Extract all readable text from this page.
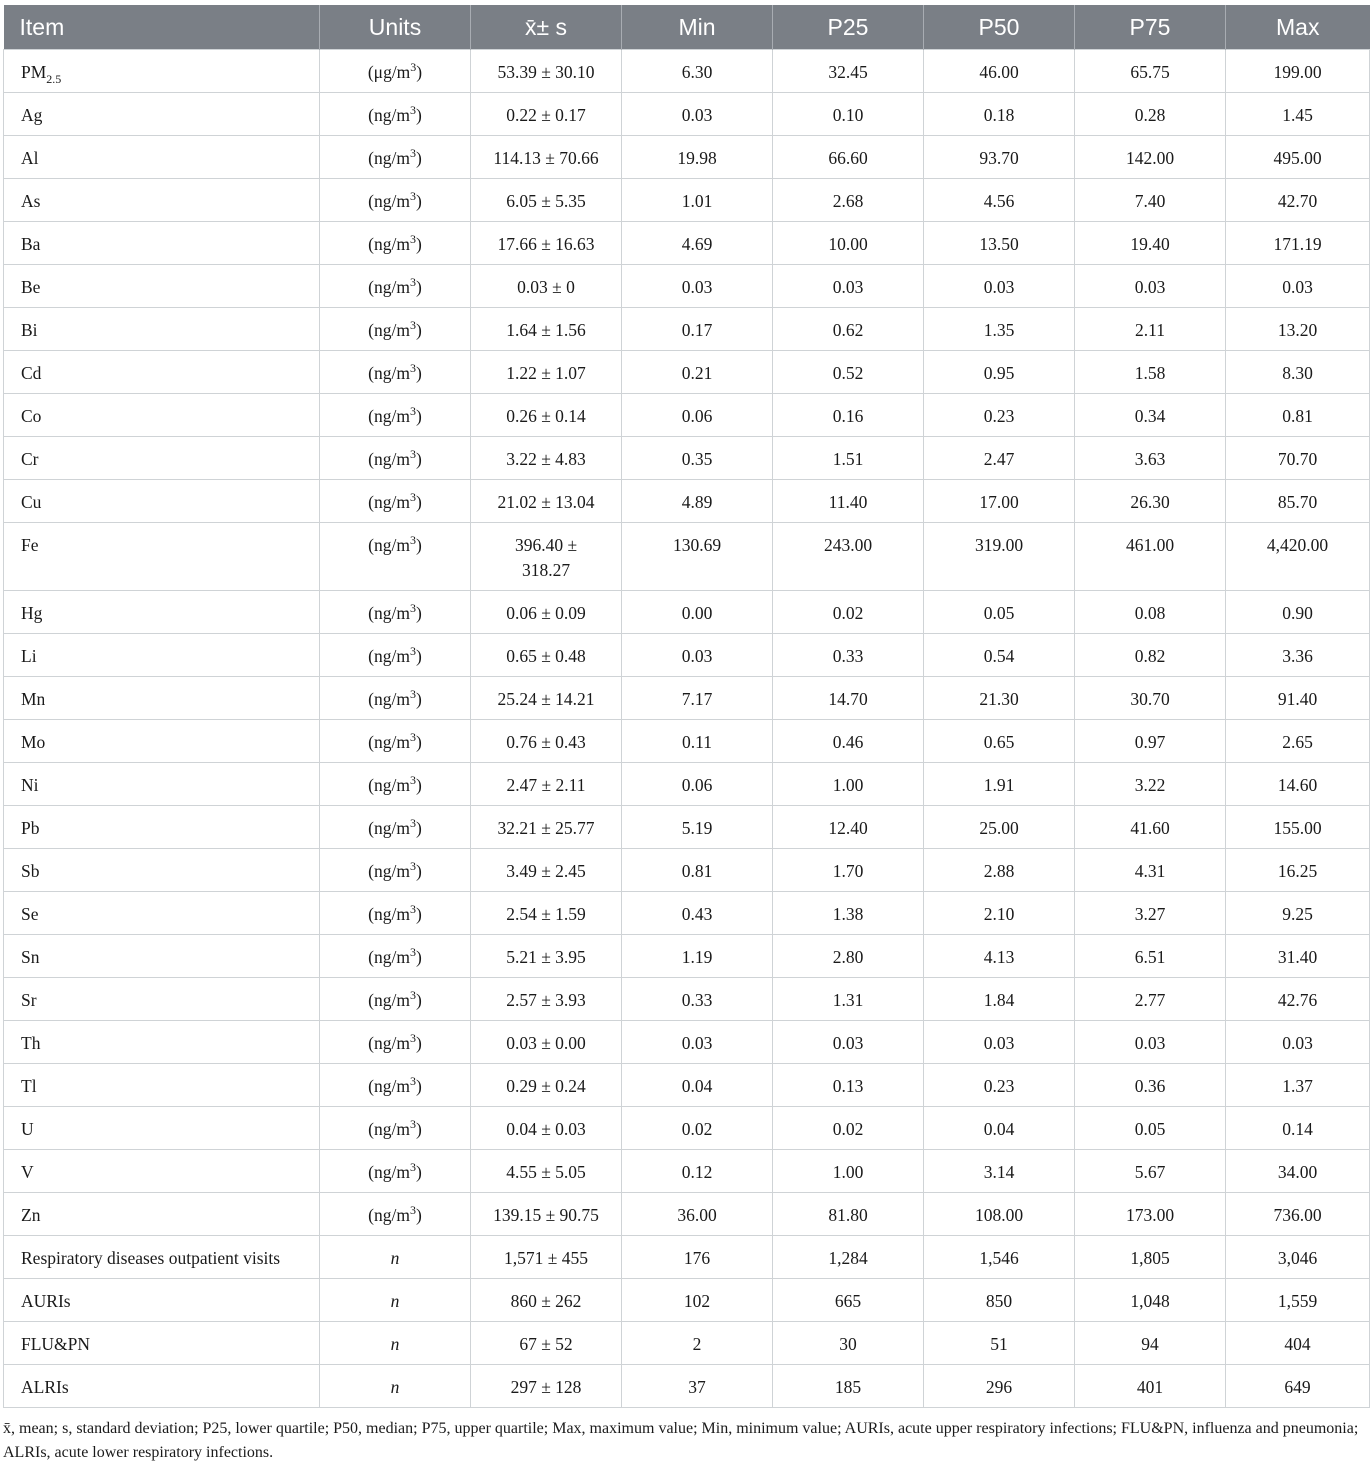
Item	Units	x̄± s	Min	P25	P50	P75	Max
$PM_{2.5}$	$(\mu g/m^3)$	53.39 ± 30.10	6.30	32.45	46.00	65.75	199.00
Ag	$(ng/m^3)$	0.22 ± 0.17	0.03	0.10	0.18	0.28	1.45
Al	$(ng/m^3)$	114.13 ± 70.66	19.98	66.60	93.70	142.00	495.00
As	$(ng/m^3)$	6.05 ± 5.35	1.01	2.68	4.56	7.40	42.70
Ba	$(ng/m^3)$	17.66 ± 16.63	4.69	10.00	13.50	19.40	171.19
Be	$(ng/m^3)$	0.03 ± 0	0.03	0.03	0.03	0.03	0.03
Bi	$(ng/m^3)$	1.64 ± 1.56	0.17	0.62	1.35	2.11	13.20
Cd	$(ng/m^3)$	1.22 ± 1.07	0.21	0.52	0.95	1.58	8.30
Co	$(ng/m^3)$	0.26 ± 0.14	0.06	0.16	0.23	0.34	0.81
Cr	$(ng/m^3)$	3.22 ± 4.83	0.35	1.51	2.47	3.63	70.70
Cu	$(ng/m^3)$	21.02 ± 13.04	4.89	11.40	17.00	26.30	85.70
Fe	$(ng/m^3)$	396.40 ± 318.27	130.69	243.00	319.00	461.00	4,420.00
Hg	$(ng/m^3)$	0.06 ± 0.09	0.00	0.02	0.05	0.08	0.90
Li	$(ng/m^3)$	0.65 ± 0.48	0.03	0.33	0.54	0.82	3.36
Mn	$(ng/m^3)$	25.24 ± 14.21	7.17	14.70	21.30	30.70	91.40
Mo	$(ng/m^3)$	0.76 ± 0.43	0.11	0.46	0.65	0.97	2.65
Ni	$(ng/m^3)$	2.47 ± 2.11	0.06	1.00	1.91	3.22	14.60
Pb	$(ng/m^3)$	32.21 ± 25.77	5.19	12.40	25.00	41.60	155.00
Sb	$(ng/m^3)$	3.49 ± 2.45	0.81	1.70	2.88	4.31	16.25
Se	$(ng/m^3)$	2.54 ± 1.59	0.43	1.38	2.10	3.27	9.25
Sn	$(ng/m^3)$	5.21 ± 3.95	1.19	2.80	4.13	6.51	31.40
Sr	$(ng/m^3)$	2.57 ± 3.93	0.33	1.31	1.84	2.77	42.76
Th	$(ng/m^3)$	0.03 ± 0.00	0.03	0.03	0.03	0.03	0.03
Tl	$(ng/m^3)$	0.29 ± 0.24	0.04	0.13	0.23	0.36	1.37
U	$(ng/m^3)$	0.04 ± 0.03	0.02	0.02	0.04	0.05	0.14
V	$(ng/m^3)$	4.55 ± 5.05	0.12	1.00	3.14	5.67	34.00
Zn	$(ng/m^3)$	139.15 ± 90.75	36.00	81.80	108.00	173.00	736.00
Respiratory diseases outpatient visits	n	1,571 ± 455	176	1,284	1,546	1,805	3,046
AURIs	n	860 ± 262	102	665	850	1,048	1,559
FLU&PN	n	67 ± 52	2	30	51	94	404
ALRIs	n	297 ± 128	37	185	296	401	649
x̄, mean; s, standard deviation; P25, lower quartile; P50, median; P75, upper quartile; Max, maximum value; Min, minimum value; AURIs, acute upper respiratory infections; FLU&PN, influenza and pneumonia; ALRIs, acute lower respiratory infections.
